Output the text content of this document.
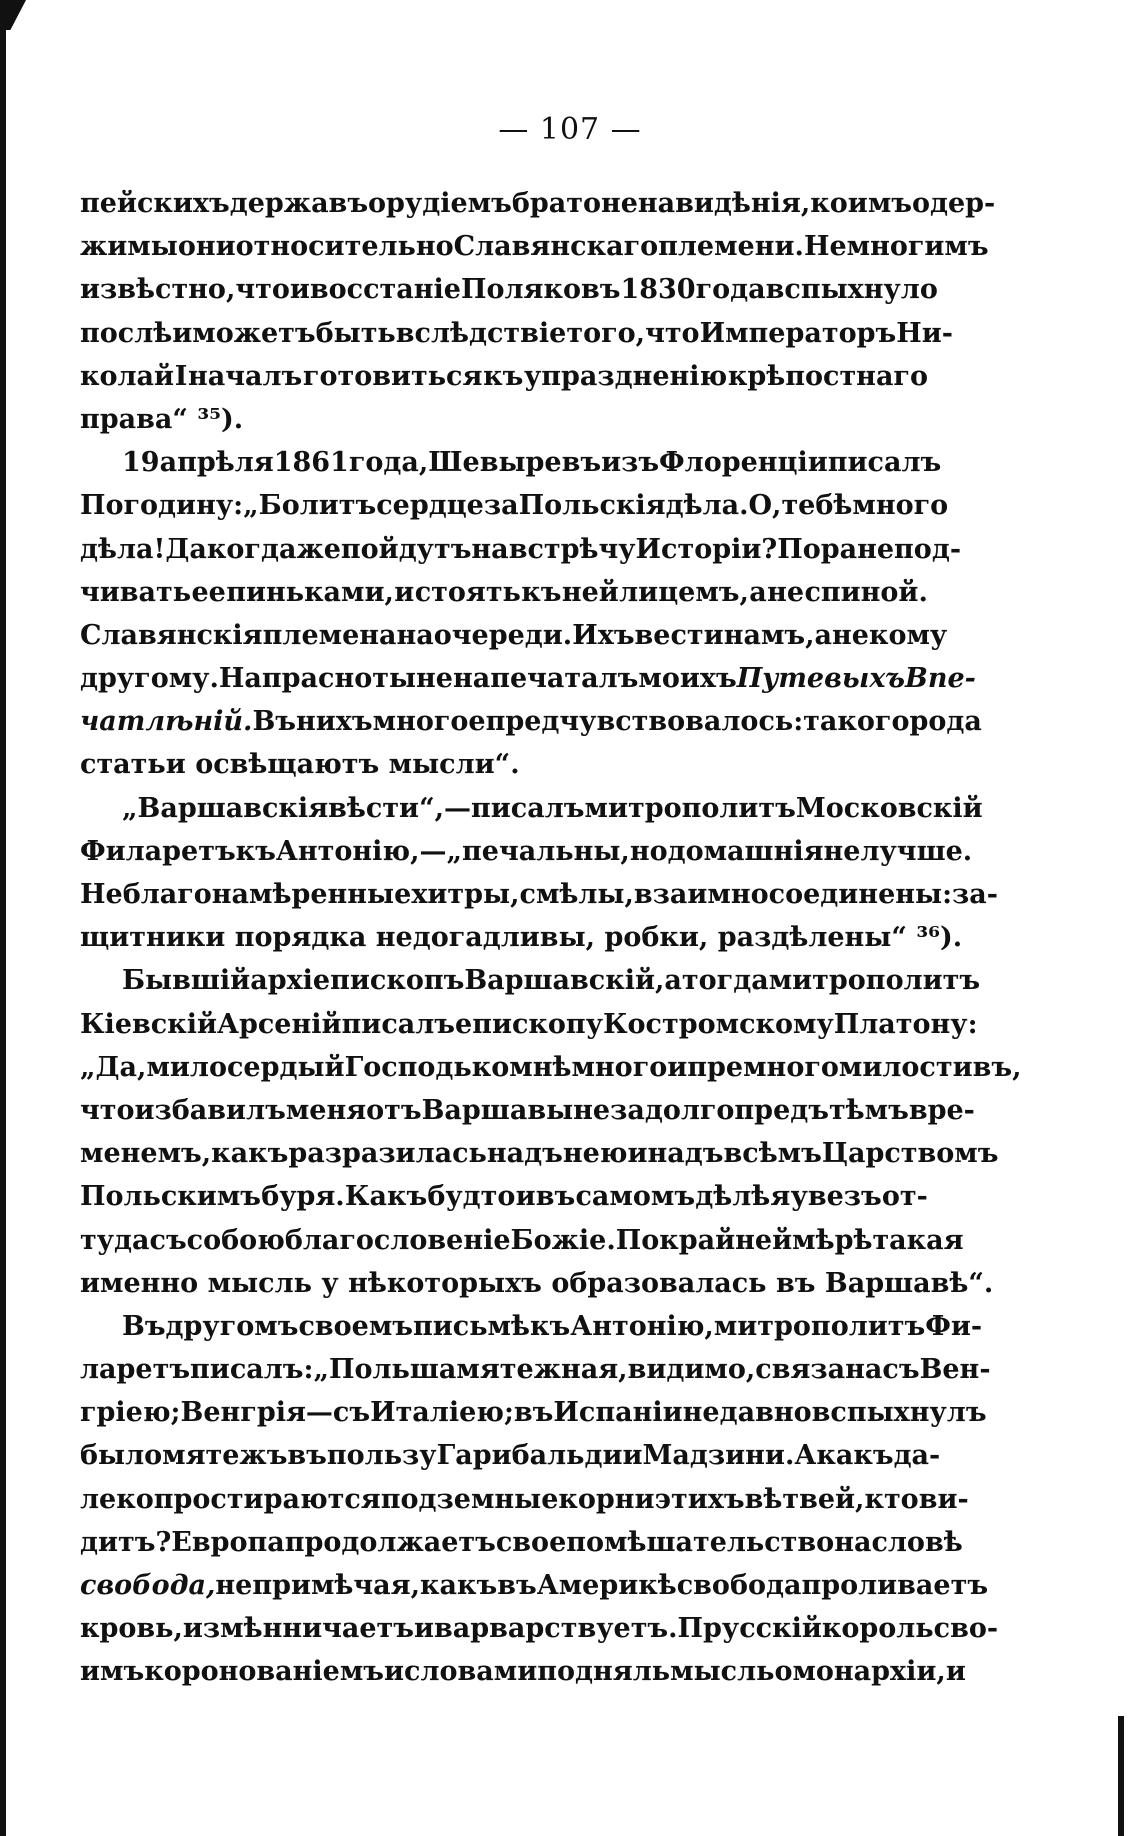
— 107 —
пейскихъ державъ орудіемъ братоненавидѣнія, коимъ одер-
жимы они относительно Славянскаго племени. Немногимъ
извѣстно, что и восстаніе Поляковъ 1830 года вспыхнуло
послѣ и можетъ быть вслѣдствіе того, что Императоръ Ни-
колай I началъ готовиться къ упраздненію крѣпостнаго
права“ ³⁵).
19 апрѣля 1861 года, Шевыревъ изъ Флоренціи писалъ
Погодину: „Болитъ сердце за Польскія дѣла. О, тебѣ много
дѣла! Да когда же пойдутъ на встрѣчу Исторіи? Пора не под-
чивать ее пиньками, и стоять къ ней лицемъ, а не спиной.
Славянскія племена на очереди. Ихъ вести намъ, а не кому
другому. Напрасно ты не напечаталъ моихъ Путевыхъ Впе-
чатлѣній. Въ нихъ многое предчувствовалось: такого рода
статьи освѣщаютъ мысли“.
„Варшавскія вѣсти“,—писалъ митрополитъ Московскій
Филаретъ къ Антонію,—„печальны, но домашнія не лучше.
Неблагонамѣренные хитры, смѣлы, взаимно соединены: за-
щитники порядка недогадливы, робки, раздѣлены“ ³⁶).
Бывшій архіепископъ Варшавскій, а тогда митрополитъ
Кіевскій Арсеній писалъ епископу Костромскому Платону:
„Да, милосердый Господь ко мнѣ много и премного милостивъ,
что избавилъ меня отъ Варшавы незадолго предъ тѣмъ вре-
менемъ, какъ разразилась надъ нею и надъ всѣмъ Царствомъ
Польскимъ буря. Какъ будто и въ самомъ дѣлѣ я увезъ от-
туда съ собою благословеніе Божіе. По крайней мѣрѣ такая
именно мысль у нѣкоторыхъ образовалась въ Варшавѣ“.
Въ другомъ своемъ письмѣ къ Антонію, митрополитъ Фи-
ларетъ писалъ: „Польша мятежная, видимо, связана съ Вен-
гріею; Венгрія—съ Италіею; въ Испаніи недавно вспыхнулъ
было мятежъ въ пользу Гарибальди и Мадзини. А какъ да-
леко простираются подземные корни этихъ вѣтвей, кто ви-
дитъ? Европа продолжаетъ свое помѣшательство на словѣ
свобода, не примѣчая, какъ въ Америкѣ свобода проливаетъ
кровь, измѣнничаетъ и варварствуетъ. Прусскій король сво-
имъ коронованіемъ и словами подняль мысль о монархіи, и
